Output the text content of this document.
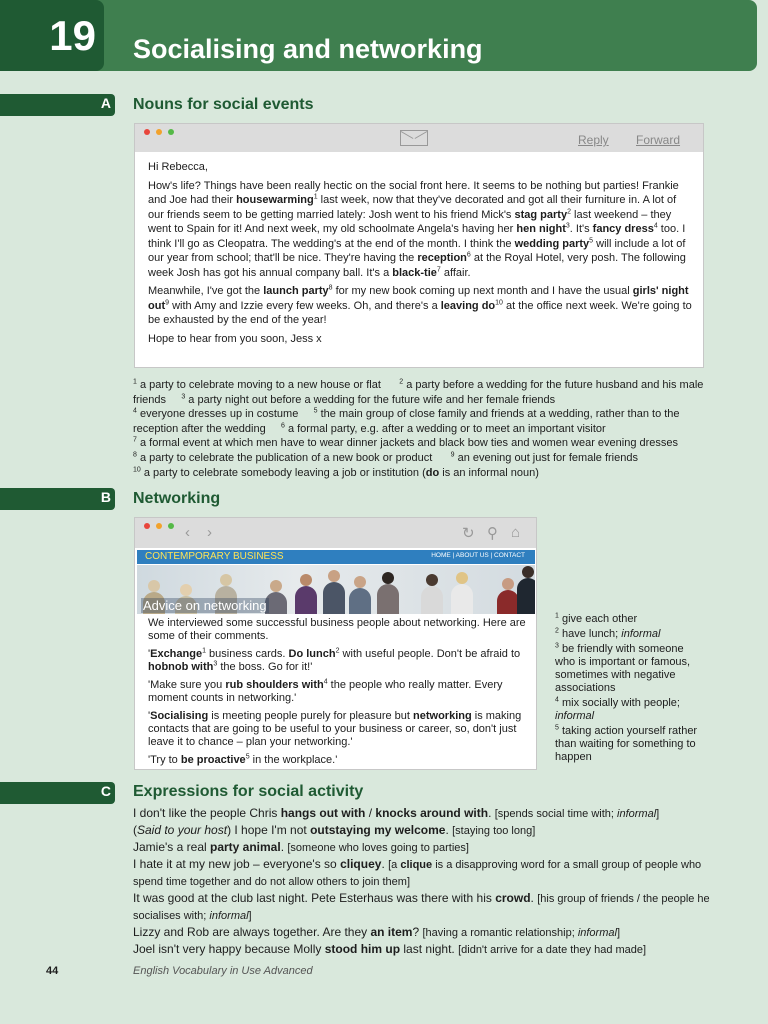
19 Socialising and networking
A Nouns for social events
Reply Forward

Hi Rebecca,

How's life? Things have been really hectic on the social front here. It seems to be nothing but parties! Frankie and Joe had their housewarming$^1$ last week, now that they've decorated and got all their furniture in. A lot of our friends seem to be getting married lately: Josh went to his friend Mick's stag party$^2$ last weekend – they went to Spain for it! And next week, my old schoolmate Angela's having her hen night$^3$. It's fancy dress$^4$ too. I think I'll go as Cleopatra. The wedding's at the end of the month. I think the wedding party$^5$ will include a lot of our year from school; that'll be nice. They're having the reception$^6$ at the Royal Hotel, very posh. The following week Josh has got his annual company ball. It's a black-tie$^7$ affair.

Meanwhile, I've got the launch party$^8$ for my new book coming up next month and I have the usual girls' night out$^9$ with Amy and Izzie every few weeks. Oh, and there's a leaving $do^{10}$ at the office next week. We're going to be exhausted by the end of the year!

Hope to hear from you soon, Jess x

$^1$ a party to celebrate moving to a new house or flat	$^2$ a party before a wedding for the future husband and his male friends $^3$ a party night out before a wedding for the future wife and her female friends
$^4$ everyone dresses up in costume $^5$ the main group of close family and friends at a wedding, rather than to the reception after the wedding $^6$ a formal party, e.g. after a wedding or to meet an important visitor
$^7$ a formal event at which men have to wear dinner jackets and black bow ties and women wear evening dresses
$^8$ a party to celebrate the publication of a new book or product	$^9$ an evening out just for female friends
$^{10}$ a party to celebrate somebody leaving a job or institution (do is an informal noun)
B Networking
‹ ›	↻ ⚲ ⌂
CONTEMPORARY BUSINESS	HOME | ABOUT US | CONTACT
Advice on networking

We interviewed some successful business people about networking. Here are some of their comments.

'Exchange$^1$ business cards. Do lunch$^2$ with useful people. Don't be afraid to hobnob with$^3$ the boss. Go for it!'

'Make sure you rub shoulders with$^4$ the people who really matter. Every moment counts in networking.'

'Socialising is meeting people purely for pleasure but networking is making contacts that are going to be useful to your business or career, so, don't just leave it to chance – plan your networking.'

'Try to be proactive$^5$ in the workplace.'

$^1$ give each other
$^2$ have lunch; informal
$^3$ be friendly with someone who is important or famous, sometimes with negative associations
$^4$ mix socially with people; informal
$^5$ taking action yourself rather than waiting for something to happen
C Expressions for social activity
I don't like the people Chris hangs out with / knocks around with. [spends social time with; informal]
(Said to your host) I hope I'm not outstaying my welcome. [staying too long]
Jamie's a real party animal. [someone who loves going to parties]
I hate it at my new job – everyone's so cliquey. [a clique is a disapproving word for a small group of people who spend time together and do not allow others to join them]
It was good at the club last night. Pete Esterhaus was there with his crowd. [his group of friends / the people he socialises with; informal]
Lizzy and Rob are always together. Are they an item? [having a romantic relationship; informal]
Joel isn't very happy because Molly stood him up last night. [didn't arrive for a date they had made]
44	English Vocabulary in Use Advanced
